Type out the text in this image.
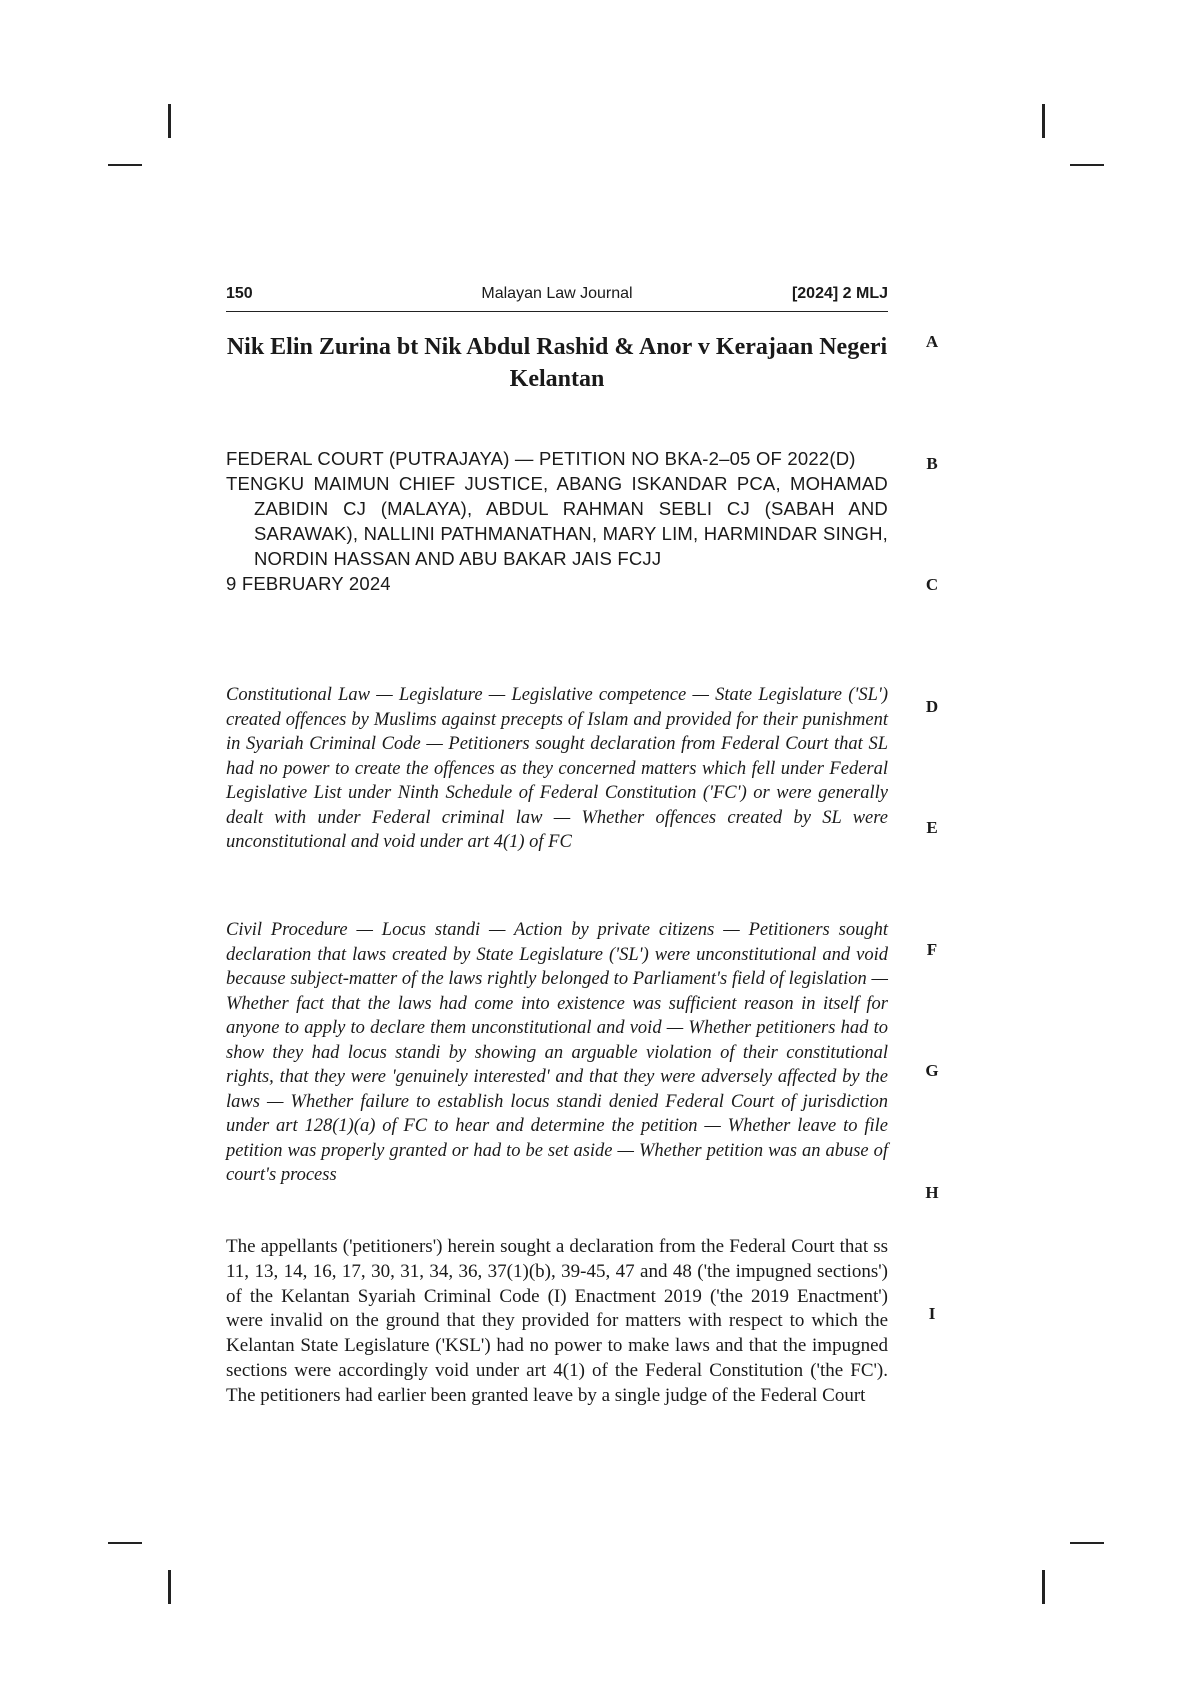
150	Malayan Law Journal	[2024] 2 MLJ
Nik Elin Zurina bt Nik Abdul Rashid & Anor v Kerajaan Negeri Kelantan

FEDERAL COURT (PUTRAJAYA) — PETITION NO BKA-2–05 OF 2022(D)

TENGKU MAIMUN CHIEF JUSTICE, ABANG ISKANDAR PCA, MOHAMAD ZABIDIN CJ (MALAYA), ABDUL RAHMAN SEBLI CJ (SABAH AND SARAWAK), NALLINI PATHMANATHAN, MARY LIM, HARMINDAR SINGH, NORDIN HASSAN AND ABU BAKAR JAIS FCJJ

9 FEBRUARY 2024

Constitutional Law — Legislature — Legislative competence — State Legislature ('SL') created offences by Muslims against precepts of Islam and provided for their punishment in Syariah Criminal Code — Petitioners sought declaration from Federal Court that SL had no power to create the offences as they concerned matters which fell under Federal Legislative List under Ninth Schedule of Federal Constitution ('FC') or were generally dealt with under Federal criminal law — Whether offences created by SL were unconstitutional and void under art 4(1) of FC

Civil Procedure — Locus standi — Action by private citizens — Petitioners sought declaration that laws created by State Legislature ('SL') were unconstitutional and void because subject-matter of the laws rightly belonged to Parliament's field of legislation — Whether fact that the laws had come into existence was sufficient reason in itself for anyone to apply to declare them unconstitutional and void — Whether petitioners had to show they had locus standi by showing an arguable violation of their constitutional rights, that they were 'genuinely interested' and that they were adversely affected by the laws — Whether failure to establish locus standi denied Federal Court of jurisdiction under art 128(1)(a) of FC to hear and determine the petition — Whether leave to file petition was properly granted or had to be set aside — Whether petition was an abuse of court's process

The appellants ('petitioners') herein sought a declaration from the Federal Court that ss 11, 13, 14, 16, 17, 30, 31, 34, 36, 37(1)(b), 39-45, 47 and 48 ('the impugned sections') of the Kelantan Syariah Criminal Code (I) Enactment 2019 ('the 2019 Enactment') were invalid on the ground that they provided for matters with respect to which the Kelantan State Legislature ('KSL') had no power to make laws and that the impugned sections were accordingly void under art 4(1) of the Federal Constitution ('the FC'). The petitioners had earlier been granted leave by a single judge of the Federal Court

A
B
C
D
E
F
G
H
I
